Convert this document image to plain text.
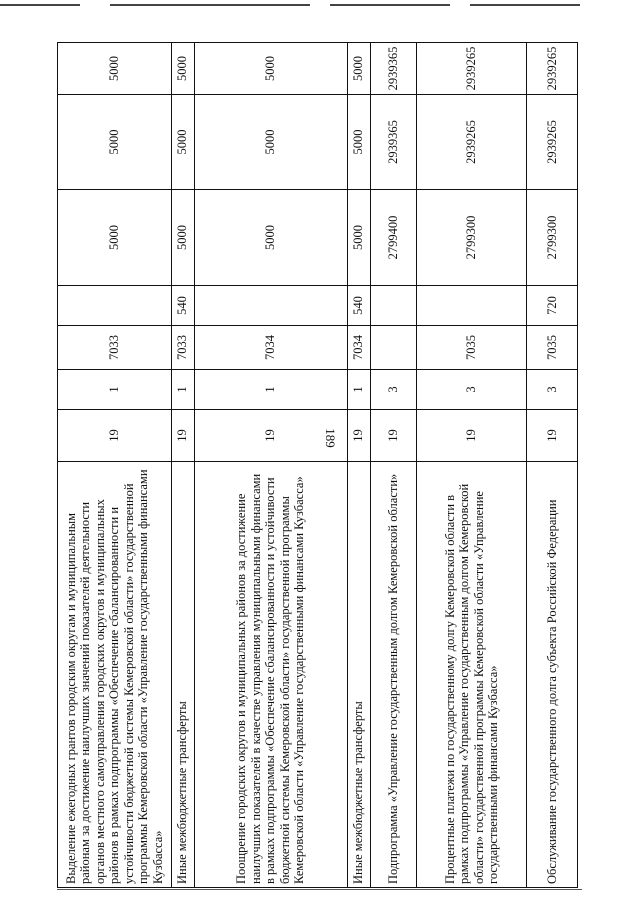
189
Выделение ежегодных грантов городским округам и муниципальным районам за достижение наилучших значений показателей деятельности органов местного самоуправления городских округов и муниципальных районов в рамках подпрограммы «Обеспечение сбалансированности и устойчивости бюджетной системы Кемеровской области» государственной программы Кемеровской области «Управление государственными финансами Кузбасса»	19	1	7033		5000	5000	5000
Иные межбюджетные трансферты	19	1	7033	540	5000	5000	5000
Поощрение городских округов и муниципальных районов за достижение наилучших показателей в качестве управления муниципальными финансами в рамках подпрограммы «Обеспечение сбалансированности и устойчивости бюджетной системы Кемеровской области» государственной программы Кемеровской области «Управление государственными финансами Кузбасса»	19	1	7034		5000	5000	5000
Иные межбюджетные трансферты	19	1	7034	540	5000	5000	5000
Подпрограмма «Управление государственным долгом Кемеровской области»	19	3			2799400	2939365	2939365
Процентные платежи по государственному долгу Кемеровской области в рамках подпрограммы «Управление государственным долгом Кемеровской области» государственной программы Кемеровской области «Управление государственными финансами Кузбасса»	19	3	7035		2799300	2939265	2939265
Обслуживание государственного долга субъекта Российской Федерации	19	3	7035	720	2799300	2939265	2939265
